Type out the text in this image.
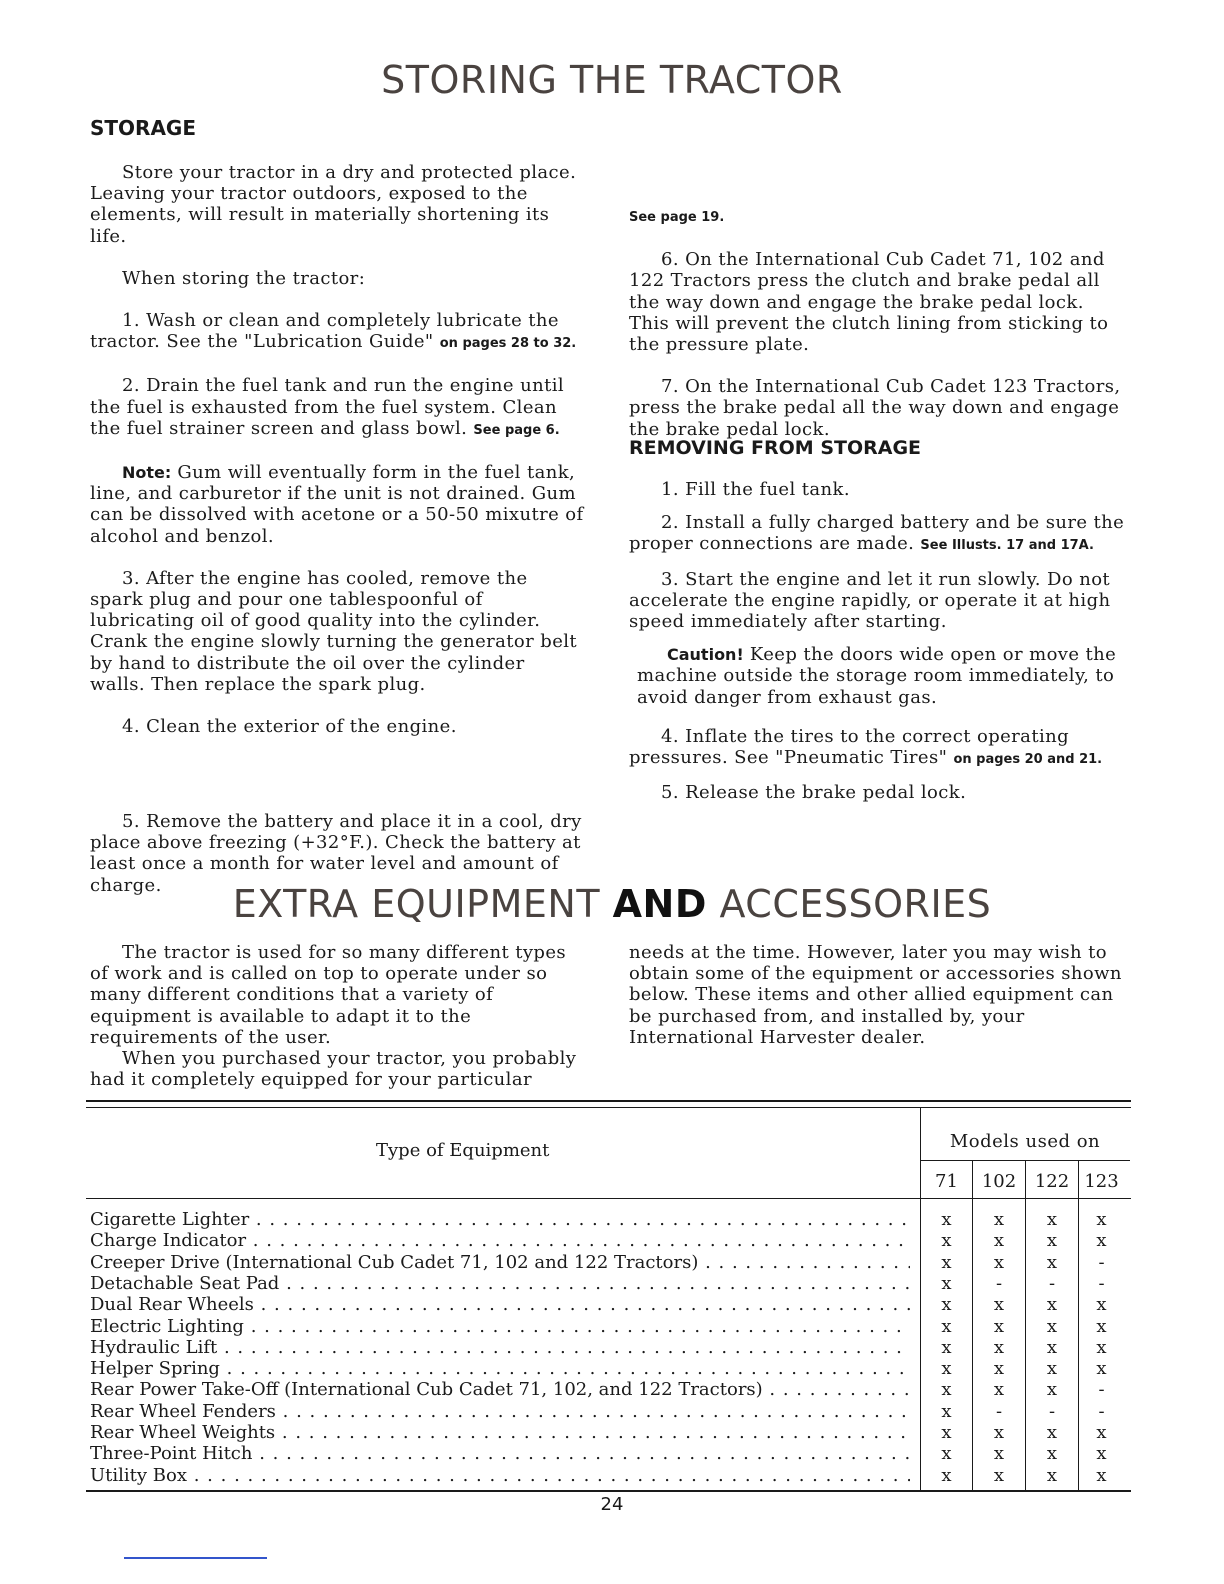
STORING THE TRACTOR
STORAGE

Store your tractor in a dry and protected place. Leaving your tractor outdoors, exposed to the elements, will result in materially shortening its life.

When storing the tractor:

1. Wash or clean and completely lubricate the tractor. See the "Lubrication Guide" on pages 28 to 32.

2. Drain the fuel tank and run the engine until the fuel is exhausted from the fuel system. Clean the fuel strainer screen and glass bowl. See page 6.

Note: Gum will eventually form in the fuel tank, line, and carburetor if the unit is not drained. Gum can be dissolved with acetone or a 50-50 mixutre of alcohol and benzol.

3. After the engine has cooled, remove the spark plug and pour one tablespoonful of lubricating oil of good quality into the cylinder. Crank the engine slowly turning the generator belt by hand to distribute the oil over the cylinder walls. Then replace the spark plug.

4. Clean the exterior of the engine.

5. Remove the battery and place it in a cool, dry place above freezing (+32°F.). Check the battery at least once a month for water level and amount of charge.

See page 19.

6. On the International Cub Cadet 71, 102 and 122 Tractors press the clutch and brake pedal all the way down and engage the brake pedal lock. This will prevent the clutch lining from sticking to the pressure plate.

7. On the International Cub Cadet 123 Tractors, press the brake pedal all the way down and engage the brake pedal lock.

REMOVING FROM STORAGE

1. Fill the fuel tank.

2. Install a fully charged battery and be sure the proper connections are made. See Illusts. 17 and 17A.

3. Start the engine and let it run slowly. Do not accelerate the engine rapidly, or operate it at high speed immediately after starting.

Caution! Keep the doors wide open or move the machine outside the storage room immediately, to avoid danger from exhaust gas.

4. Inflate the tires to the correct operating pressures. See "Pneumatic Tires" on pages 20 and 21.

5. Release the brake pedal lock.

EXTRA EQUIPMENT AND ACCESSORIES

The tractor is used for so many different types of work and is called on top to operate under so many different conditions that a variety of equipment is available to adapt it to the requirements of the user.

When you purchased your tractor, you probably had it completely equipped for your particular needs at the time. However, later you may wish to obtain some of the equipment or accessories shown below. These items and other allied equipment can be purchased from, and installed by, your International Harvester dealer.

Type of Equipment	Models used on
71	102	122 123
Cigarette Lighter . . .	x	x	x	x
Charge Indicator . . .	x	x	x	x
Creeper Drive (International Cub Cadet 71, 102 and 122 Tractors) . . .	x	x	x	-
Detachable Seat Pad . . .	x	-	-	-
Dual Rear Wheels . . .	x	x	x	x
Electric Lighting . . .	x	x	x	x
Hydraulic Lift . . .	x	x	x	x
Helper Spring . . .	x	x	x	x
Rear Power Take-Off (International Cub Cadet 71, 102, and 122 Tractors) . . .	x	x	x	-
Rear Wheel Fenders . . .	x	-	-	-
Rear Wheel Weights . . .	x	x	x	x
Three-Point Hitch . . .	x	x	x	x
Utility Box . . .	x	x	x	x
24
